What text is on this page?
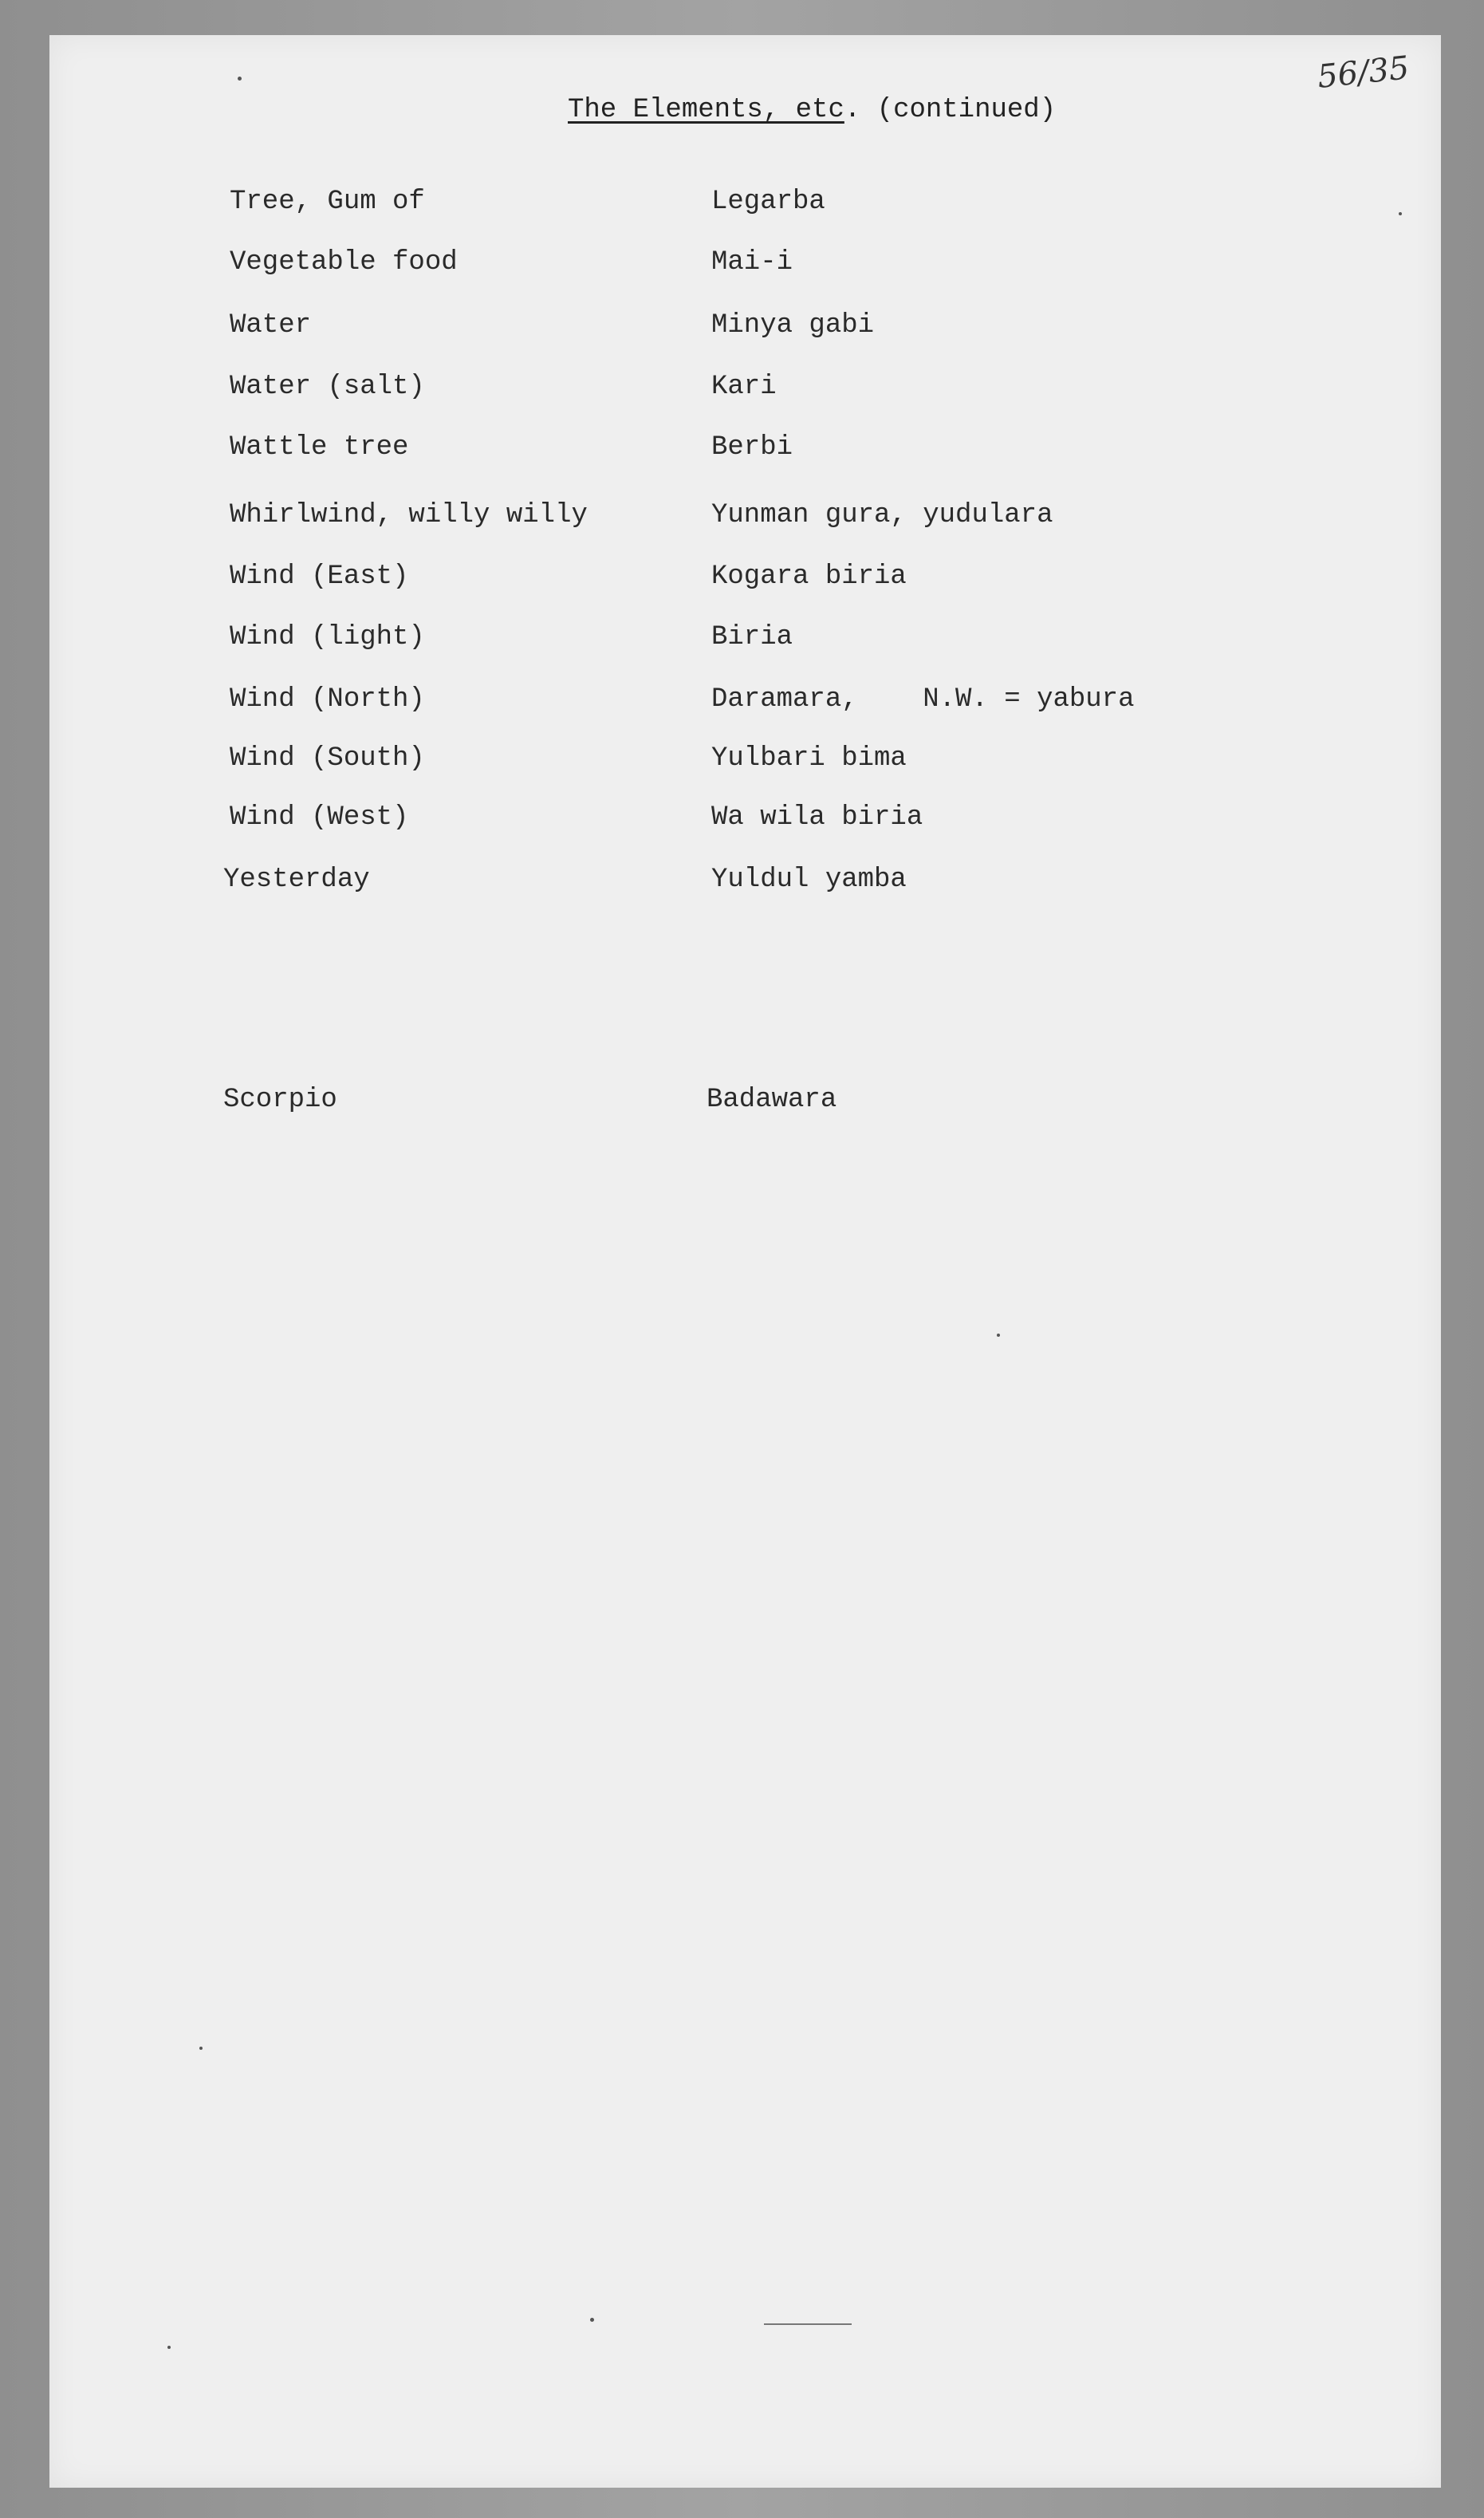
56/35
The Elements, etc. (continued)
Tree, Gum of	Legarba
Vegetable food	Mai-i
Water	Minya gabi
Water (salt)	Kari
Wattle tree	Berbi
Whirlwind, willy willy	Yunman gura, yudulara
Wind (East)	Kogara biria
Wind (light)	Biria
Wind (North)	Daramara,    N.W. = yabura
Wind (South)	Yulbari bima
Wind (West)	Wa wila biria
Yesterday	Yuldul yamba
Scorpio	Badawara
